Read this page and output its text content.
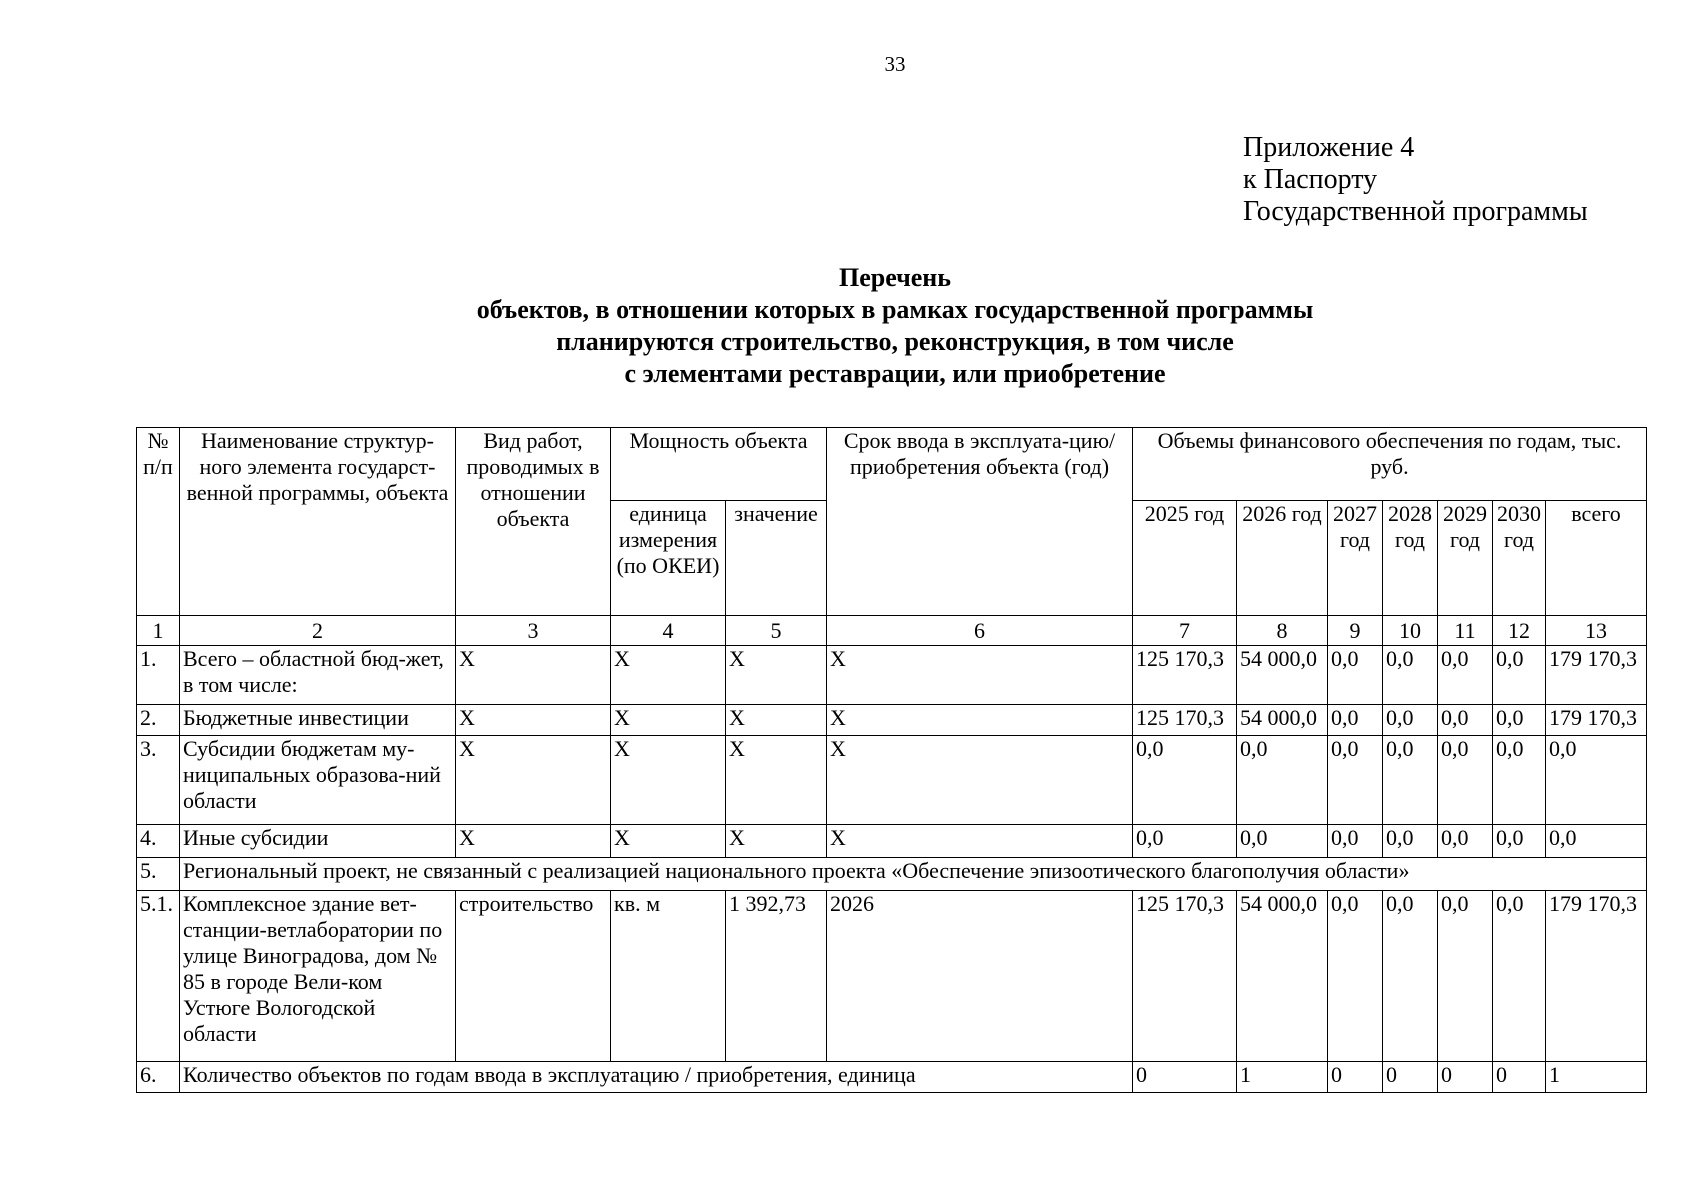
33
Приложение 4
к Паспорту
Государственной программы
Перечень
объектов, в отношении которых в рамках государственной программы
планируются строительство, реконструкция, в том числе
с элементами реставрации, или приобретение
№ п/п	Наименование структур-ного элемента государст-венной программы, объекта	Вид работ, проводимых в отношении объекта	Мощность объекта		Срок ввода в эксплуата-цию/приобретения объекта (год)	Объемы финансового обеспечения по годам, тыс. руб.						
			единица измерения (по ОКЕИ)	значение		2025 год	2026 год	2027 год	2028 год	2029 год	2030 год	всего
1	2	3	4	5	6	7	8	9	10	11	12	13
1.	Всего – областной бюд-жет, в том числе:	X	X	X	X	125 170,3	54 000,0	0,0	0,0	0,0	0,0	179 170,3
2.	Бюджетные инвестиции	X	X	X	X	125 170,3	54 000,0	0,0	0,0	0,0	0,0	179 170,3
3.	Субсидии бюджетам му-ниципальных образова-ний области	X	X	X	X	0,0	0,0	0,0	0,0	0,0	0,0	0,0
4.	Иные субсидии	X	X	X	X	0,0	0,0	0,0	0,0	0,0	0,0	0,0
5.	Региональный проект, не связанный с реализацией национального проекта «Обеспечение эпизоотического благополучия области»											
5.1.	Комплексное здание вет-станции-ветлаборатории по улице Виноградова, дом № 85 в городе Вели-ком Устюге Вологодской области	строительство	кв. м	1 392,73	2026	125 170,3	54 000,0	0,0	0,0	0,0	0,0	179 170,3
6.	Количество объектов по годам ввода в эксплуатацию / приобретения, единица					0	1	0	0	0	0	1
